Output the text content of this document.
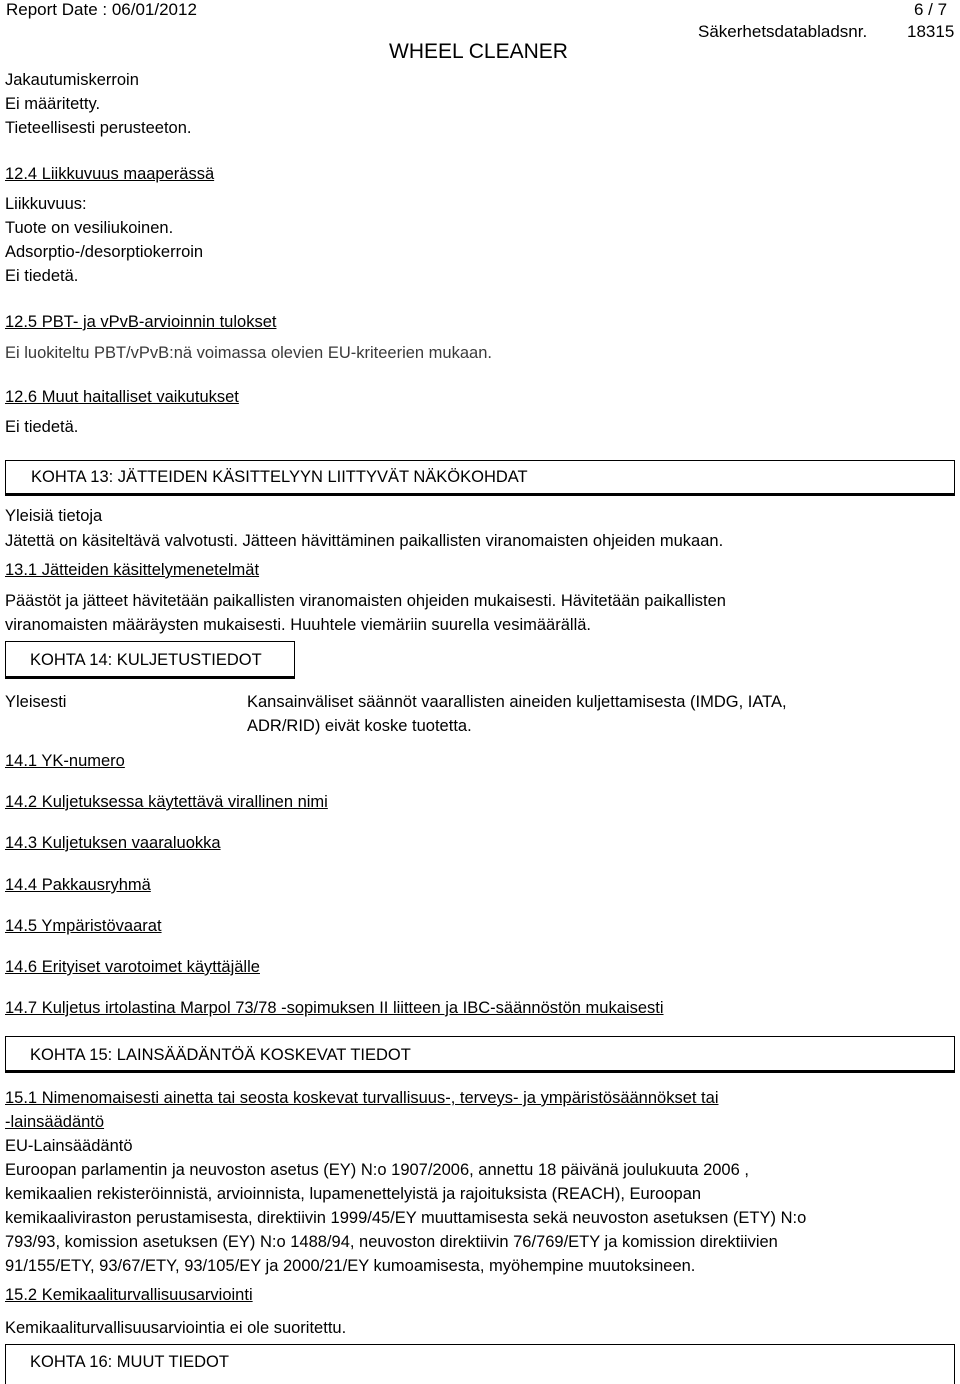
Report Date : 06/01/2012	6 / 7
WHEEL CLEANER
Säkerhetsdatabladsnr. 18315
Jakautumiskerroin
Ei määritetty.
Tieteellisesti perusteeton.
12.4 Liikkuvuus maaperässä
Liikkuvuus:
Tuote on vesiliukoinen.
Adsorptio-/desorptiokerroin
Ei tiedetä.
12.5 PBT- ja vPvB-arvioinnin tulokset
Ei luokiteltu PBT/vPvB:nä voimassa olevien EU-kriteerien mukaan.
12.6 Muut haitalliset vaikutukset
Ei tiedetä.
KOHTA 13: JÄTTEIDEN KÄSITTELYYN LIITTYVÄT NÄKÖKOHDAT
Yleisiä tietoja
Jätettä on käsiteltävä valvotusti. Jätteen hävittäminen paikallisten viranomaisten ohjeiden mukaan.
13.1 Jätteiden käsittelymenetelmät
Päästöt ja jätteet hävitetään paikallisten viranomaisten ohjeiden mukaisesti. Hävitetään paikallisten
viranomaisten määräysten mukaisesti. Huuhtele viemäriin suurella vesimäärällä.
KOHTA 14: KULJETUSTIEDOT
Yleisesti	Kansainväliset säännöt vaarallisten aineiden kuljettamisesta (IMDG, IATA,
ADR/RID) eivät koske tuotetta.
14.1 YK-numero
14.2 Kuljetuksessa käytettävä virallinen nimi
14.3 Kuljetuksen vaaraluokka
14.4 Pakkausryhmä
14.5 Ympäristövaarat
14.6 Erityiset varotoimet käyttäjälle
14.7 Kuljetus irtolastina Marpol 73/78 -sopimuksen II liitteen ja IBC-säännöstön mukaisesti
KOHTA 15: LAINSÄÄDÄNTÖÄ KOSKEVAT TIEDOT
15.1 Nimenomaisesti ainetta tai seosta koskevat turvallisuus-, terveys- ja ympäristösäännökset tai
-lainsäädäntö
EU-Lainsäädäntö
Euroopan parlamentin ja neuvoston asetus (EY) N:o 1907/2006, annettu 18 päivänä joulukuuta 2006 ,
kemikaalien rekisteröinnistä, arvioinnista, lupamenettelyistä ja rajoituksista (REACH), Euroopan
kemikaaliviraston perustamisesta, direktiivin 1999/45/EY muuttamisesta sekä neuvoston asetuksen (ETY) N:o
793/93, komission asetuksen (EY) N:o 1488/94, neuvoston direktiivin 76/769/ETY ja komission direktiivien
91/155/ETY, 93/67/ETY, 93/105/EY ja 2000/21/EY kumoamisesta, myöhempine muutoksineen.
15.2 Kemikaaliturvallisuusarviointi
Kemikaaliturvallisuusarviointia ei ole suoritettu.
KOHTA 16: MUUT TIEDOT
